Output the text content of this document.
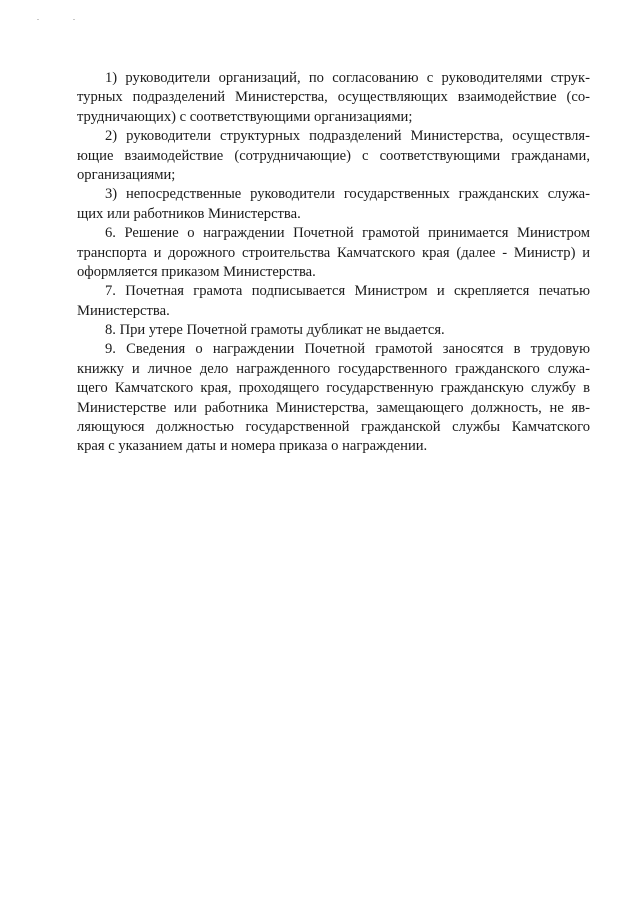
1) руководители организаций, по согласованию с руководителями струк-
турных подразделений Министерства, осуществляющих взаимодействие (со-
трудничающих) с соответствующими организациями;
2) руководители структурных подразделений Министерства, осуществля-
ющие взаимодействие (сотрудничающие) с соответствующими гражданами,
организациями;
3) непосредственные руководители государственных гражданских служа-
щих или работников Министерства.
6. Решение о награждении Почетной грамотой принимается Министром
транспорта и дорожного строительства Камчатского края (далее - Министр) и
оформляется приказом Министерства.
7. Почетная грамота подписывается Министром и скрепляется печатью
Министерства.
8. При утере Почетной грамоты дубликат не выдается.
9. Сведения о награждении Почетной грамотой заносятся в трудовую
книжку и личное дело награжденного государственного гражданского служа-
щего Камчатского края, проходящего государственную гражданскую службу в
Министерстве или работника Министерства, замещающего должность, не яв-
ляющуюся должностью государственной гражданской службы Камчатского
края с указанием даты и номера приказа о награждении.
